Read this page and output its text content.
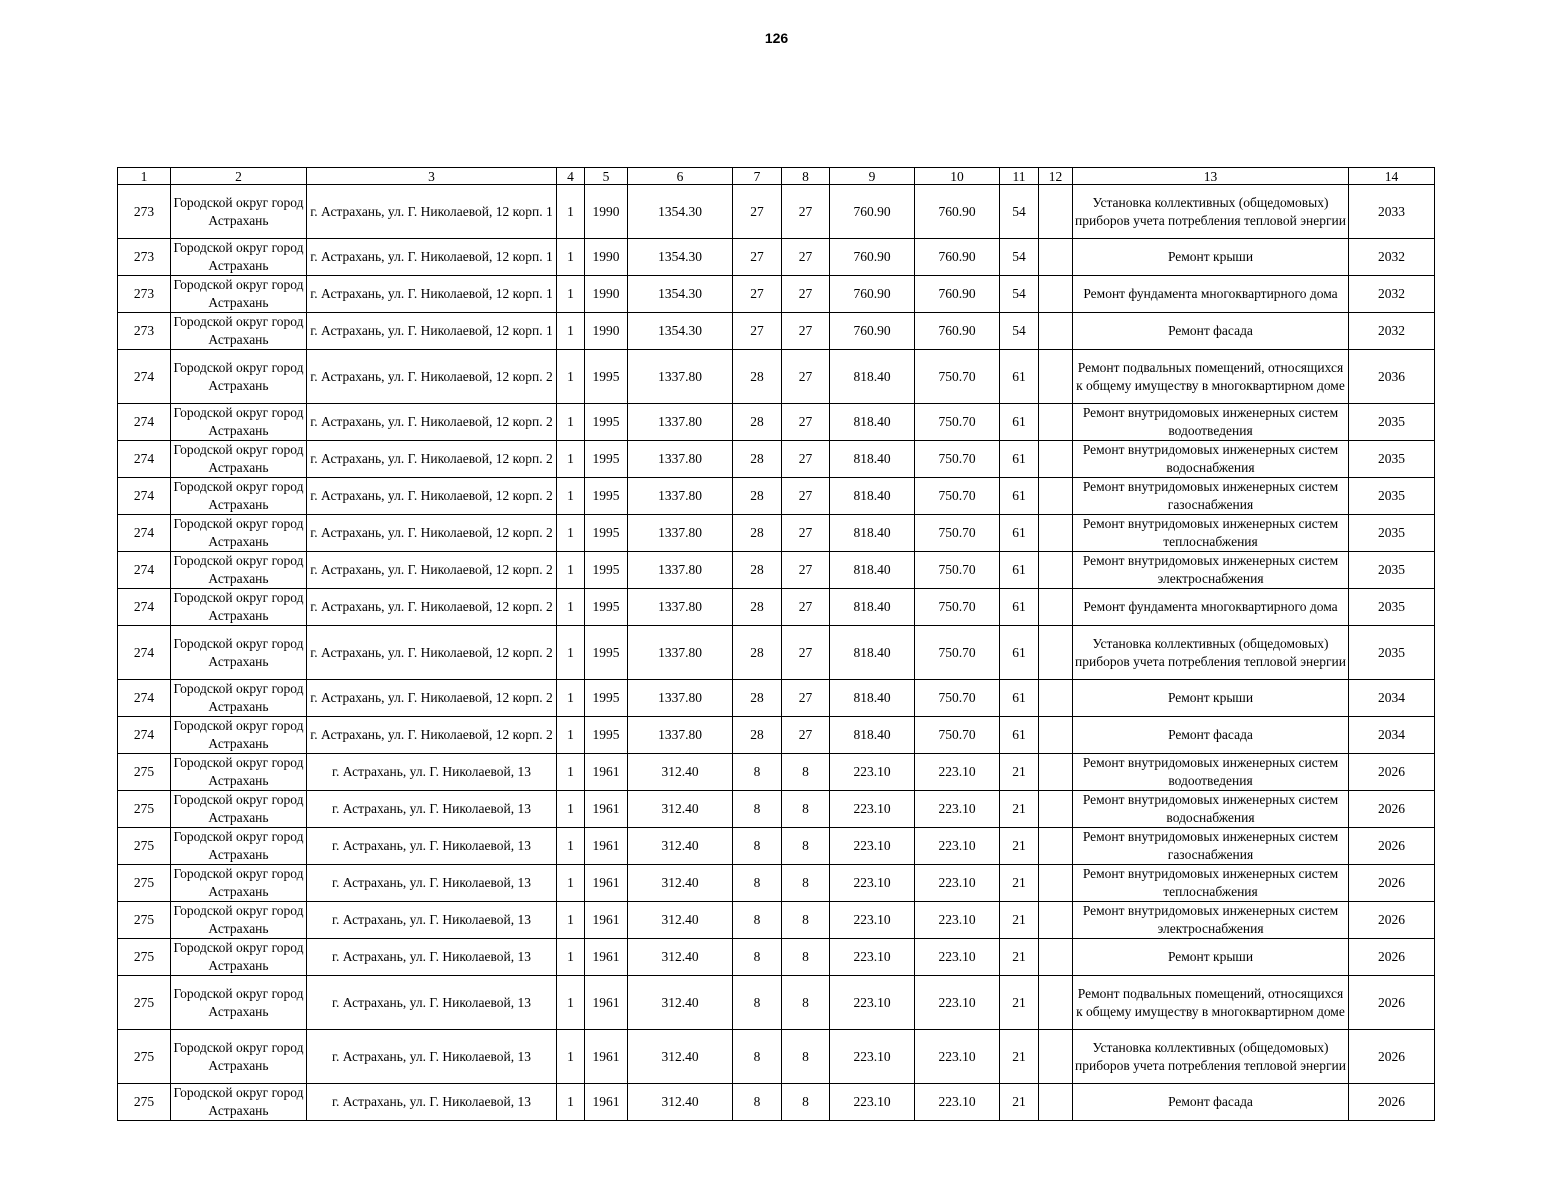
126
1	2	3	4	5	6	7	8	9	10	11	12	13	14
273	Городской округ город Астрахань	г. Астрахань, ул. Г. Николаевой, 12 корп. 1	1	1990	1354.30	27	27	760.90	760.90	54		Установка коллективных (общедомовых) приборов учета потребления тепловой энергии	2033
273	Городской округ город Астрахань	г. Астрахань, ул. Г. Николаевой, 12 корп. 1	1	1990	1354.30	27	27	760.90	760.90	54		Ремонт крыши	2032
273	Городской округ город Астрахань	г. Астрахань, ул. Г. Николаевой, 12 корп. 1	1	1990	1354.30	27	27	760.90	760.90	54		Ремонт фундамента многоквартирного дома	2032
273	Городской округ город Астрахань	г. Астрахань, ул. Г. Николаевой, 12 корп. 1	1	1990	1354.30	27	27	760.90	760.90	54		Ремонт фасада	2032
274	Городской округ город Астрахань	г. Астрахань, ул. Г. Николаевой, 12 корп. 2	1	1995	1337.80	28	27	818.40	750.70	61		Ремонт подвальных помещений, относящихся к общему имуществу в многоквартирном доме	2036
274	Городской округ город Астрахань	г. Астрахань, ул. Г. Николаевой, 12 корп. 2	1	1995	1337.80	28	27	818.40	750.70	61		Ремонт внутридомовых инженерных систем водоотведения	2035
274	Городской округ город Астрахань	г. Астрахань, ул. Г. Николаевой, 12 корп. 2	1	1995	1337.80	28	27	818.40	750.70	61		Ремонт внутридомовых инженерных систем водоснабжения	2035
274	Городской округ город Астрахань	г. Астрахань, ул. Г. Николаевой, 12 корп. 2	1	1995	1337.80	28	27	818.40	750.70	61		Ремонт внутридомовых инженерных систем газоснабжения	2035
274	Городской округ город Астрахань	г. Астрахань, ул. Г. Николаевой, 12 корп. 2	1	1995	1337.80	28	27	818.40	750.70	61		Ремонт внутридомовых инженерных систем теплоснабжения	2035
274	Городской округ город Астрахань	г. Астрахань, ул. Г. Николаевой, 12 корп. 2	1	1995	1337.80	28	27	818.40	750.70	61		Ремонт внутридомовых инженерных систем электроснабжения	2035
274	Городской округ город Астрахань	г. Астрахань, ул. Г. Николаевой, 12 корп. 2	1	1995	1337.80	28	27	818.40	750.70	61		Ремонт фундамента многоквартирного дома	2035
274	Городской округ город Астрахань	г. Астрахань, ул. Г. Николаевой, 12 корп. 2	1	1995	1337.80	28	27	818.40	750.70	61		Установка коллективных (общедомовых) приборов учета потребления тепловой энергии	2035
274	Городской округ город Астрахань	г. Астрахань, ул. Г. Николаевой, 12 корп. 2	1	1995	1337.80	28	27	818.40	750.70	61		Ремонт крыши	2034
274	Городской округ город Астрахань	г. Астрахань, ул. Г. Николаевой, 12 корп. 2	1	1995	1337.80	28	27	818.40	750.70	61		Ремонт фасада	2034
275	Городской округ город Астрахань	г. Астрахань, ул. Г. Николаевой, 13	1	1961	312.40	8	8	223.10	223.10	21		Ремонт внутридомовых инженерных систем водоотведения	2026
275	Городской округ город Астрахань	г. Астрахань, ул. Г. Николаевой, 13	1	1961	312.40	8	8	223.10	223.10	21		Ремонт внутридомовых инженерных систем водоснабжения	2026
275	Городской округ город Астрахань	г. Астрахань, ул. Г. Николаевой, 13	1	1961	312.40	8	8	223.10	223.10	21		Ремонт внутридомовых инженерных систем газоснабжения	2026
275	Городской округ город Астрахань	г. Астрахань, ул. Г. Николаевой, 13	1	1961	312.40	8	8	223.10	223.10	21		Ремонт внутридомовых инженерных систем теплоснабжения	2026
275	Городской округ город Астрахань	г. Астрахань, ул. Г. Николаевой, 13	1	1961	312.40	8	8	223.10	223.10	21		Ремонт внутридомовых инженерных систем электроснабжения	2026
275	Городской округ город Астрахань	г. Астрахань, ул. Г. Николаевой, 13	1	1961	312.40	8	8	223.10	223.10	21		Ремонт крыши	2026
275	Городской округ город Астрахань	г. Астрахань, ул. Г. Николаевой, 13	1	1961	312.40	8	8	223.10	223.10	21		Ремонт подвальных помещений, относящихся к общему имуществу в многоквартирном доме	2026
275	Городской округ город Астрахань	г. Астрахань, ул. Г. Николаевой, 13	1	1961	312.40	8	8	223.10	223.10	21		Установка коллективных (общедомовых) приборов учета потребления тепловой энергии	2026
275	Городской округ город Астрахань	г. Астрахань, ул. Г. Николаевой, 13	1	1961	312.40	8	8	223.10	223.10	21		Ремонт фасада	2026
